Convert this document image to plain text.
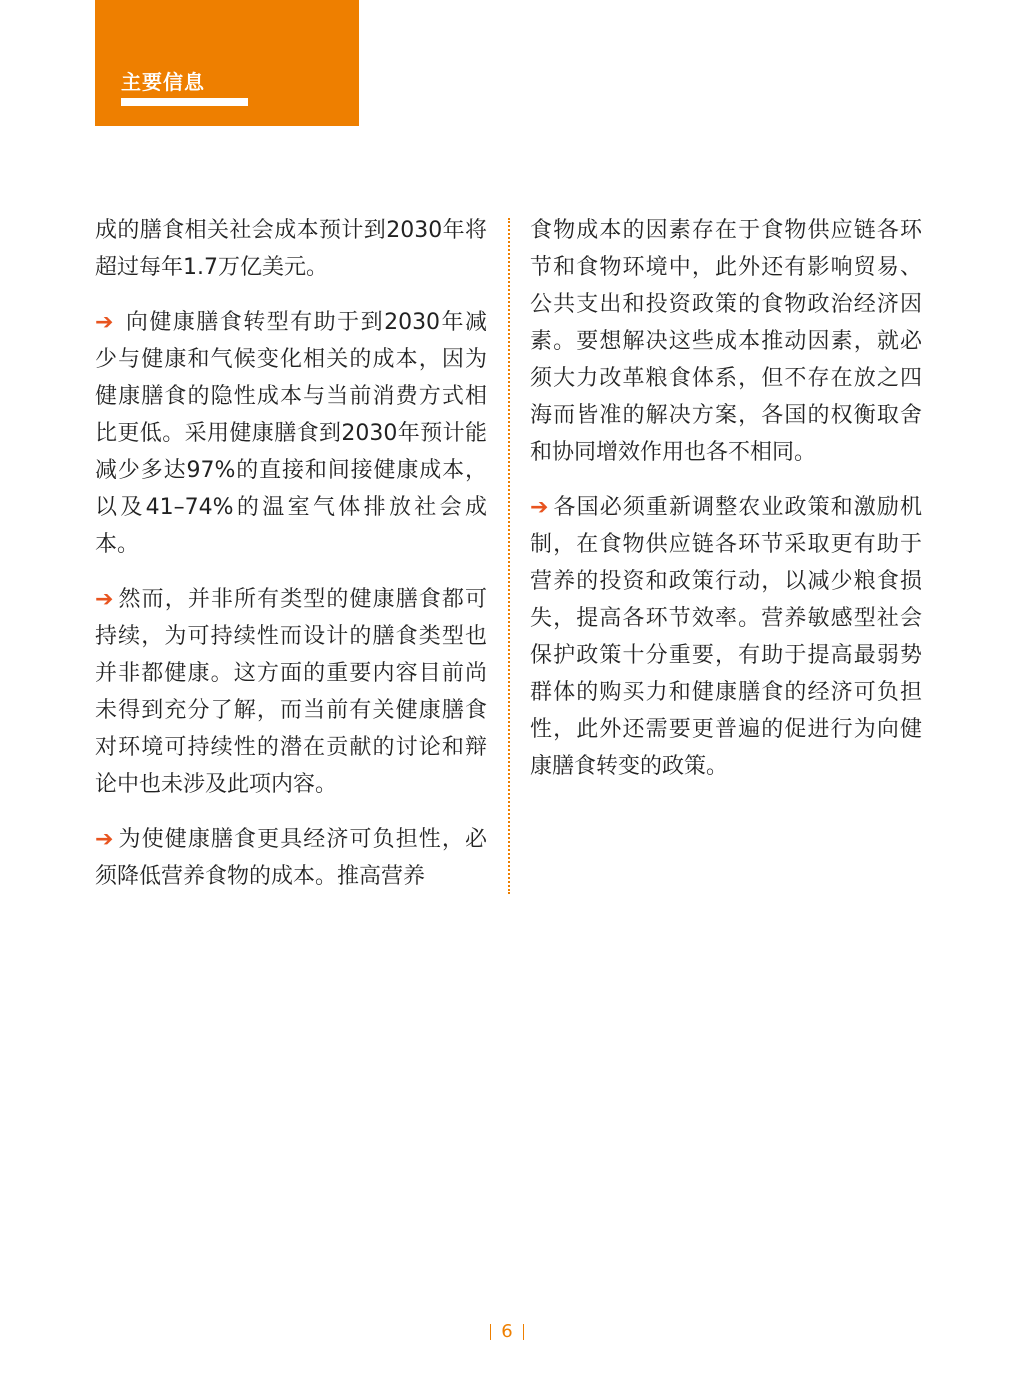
主要信息

成的膳食相关社会成本预计到2030年将超过每年1.7万亿美元。

➔ 向健康膳食转型有助于到2030年减少与健康和气候变化相关的成本，因为健康膳食的隐性成本与当前消费方式相比更低。采用健康膳食到2030年预计能减少多达97%的直接和间接健康成本，以及41–74%的温室气体排放社会成本。

➔ 然而，并非所有类型的健康膳食都可持续，为可持续性而设计的膳食类型也并非都健康。这方面的重要内容目前尚未得到充分了解，而当前有关健康膳食对环境可持续性的潜在贡献的讨论和辩论中也未涉及此项内容。

➔ 为使健康膳食更具经济可负担性，必须降低营养食物的成本。推高营养

食物成本的因素存在于食物供应链各环节和食物环境中，此外还有影响贸易、公共支出和投资政策的食物政治经济因素。要想解决这些成本推动因素，就必须大力改革粮食体系，但不存在放之四海而皆准的解决方案，各国的权衡取舍和协同增效作用也各不相同。

➔ 各国必须重新调整农业政策和激励机制，在食物供应链各环节采取更有助于营养的投资和政策行动，以减少粮食损失，提高各环节效率。营养敏感型社会保护政策十分重要，有助于提高最弱势群体的购买力和健康膳食的经济可负担性，此外还需要更普遍的促进行为向健康膳食转变的政策。

6
